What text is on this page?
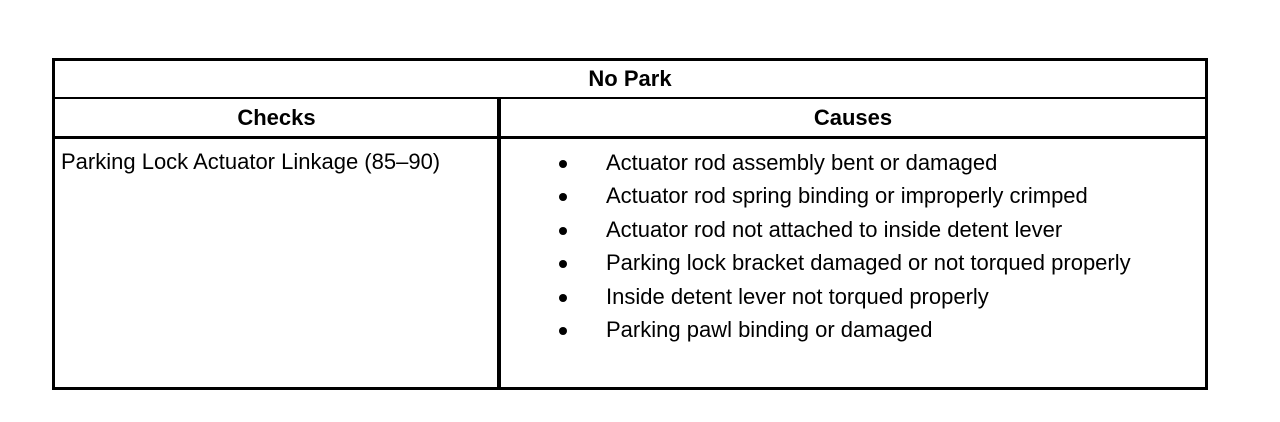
No Park
Checks	Causes
Parking Lock Actuator Linkage (85–90)	Actuator rod assembly bent or damaged
Actuator rod spring binding or improperly crimped
Actuator rod not attached to inside detent lever
Parking lock bracket damaged or not torqued properly
Inside detent lever not torqued properly
Parking pawl binding or damaged
